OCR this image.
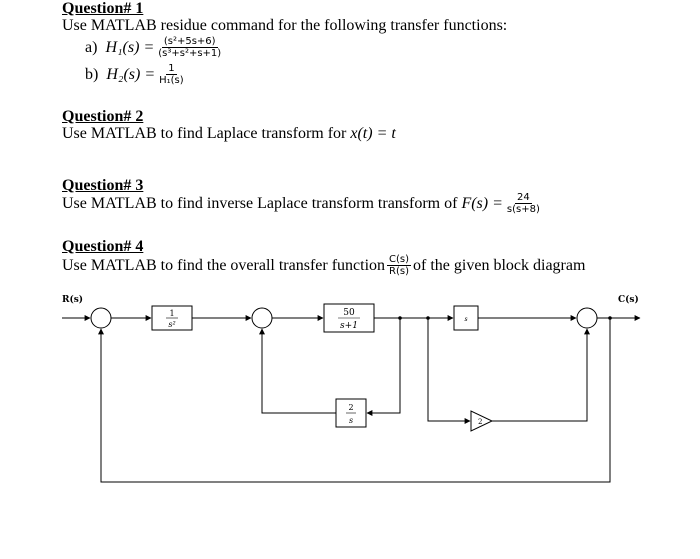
Question# 1
Use MATLAB residue command for the following transfer functions:
a)
$H_1(s) = \frac{\text{(s²+5s+6)}}{\text{(s³+s²+s+1)}}$
b)
$H_2(s) = \frac{1}{\text{H₁(s)}}$
Question# 2
Use MATLAB to find Laplace transform for x(t) = t
Question# 3
Use MATLAB to find inverse Laplace transform transform of
$F(s) = \frac{24}{s(s+8)}$
Question# 4
Use MATLAB to find the overall transfer function $\frac{C(s)}{R(s)}$ of the given block diagram
R(s)	C(s)
1
s²
50
s+1
s
2
s	2
